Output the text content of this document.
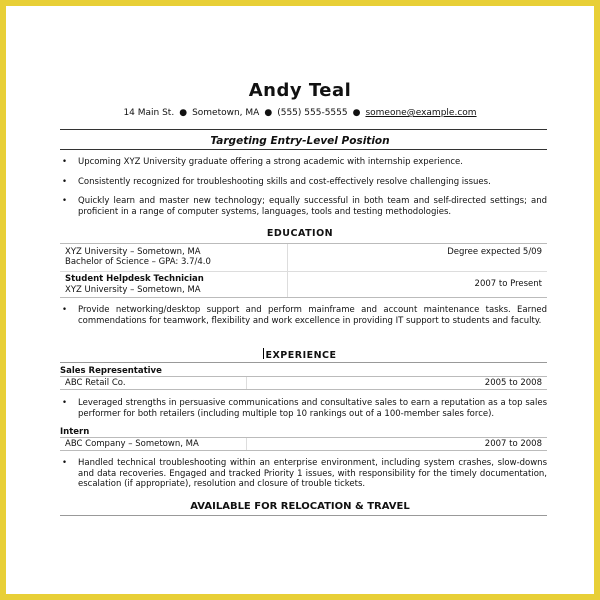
Andy Teal
14 Main St. ● Sometown, MA ● (555) 555-5555 ● someone@example.com
Targeting Entry-Level Position
• Upcoming XYZ University graduate offering a strong academic with internship experience.
• Consistently recognized for troubleshooting skills and cost-effectively resolve challenging issues.
• Quickly learn and master new technology; equally successful in both team and self-directed settings; and proficient in a range of computer systems, languages, tools and testing methodologies.
EDUCATION
XYZ University – Sometown, MA
Bachelor of Science – GPA: 3.7/4.0
Degree expected 5/09
Student Helpdesk Technician
XYZ University – Sometown, MA
2007 to Present
• Provide networking/desktop support and perform mainframe and account maintenance tasks. Earned commendations for teamwork, flexibility and work excellence in providing IT support to students and faculty.
EXPERIENCE
Sales Representative
ABC Retail Co.	2005 to 2008
• Leveraged strengths in persuasive communications and consultative sales to earn a reputation as a top sales performer for both retailers (including multiple top 10 rankings out of a 100-member sales force).
Intern
ABC Company – Sometown, MA	2007 to 2008
• Handled technical troubleshooting within an enterprise environment, including system crashes, slow-downs and data recoveries. Engaged and tracked Priority 1 issues, with responsibility for the timely documentation, escalation (if appropriate), resolution and closure of trouble tickets.
AVAILABLE FOR RELOCATION & TRAVEL
